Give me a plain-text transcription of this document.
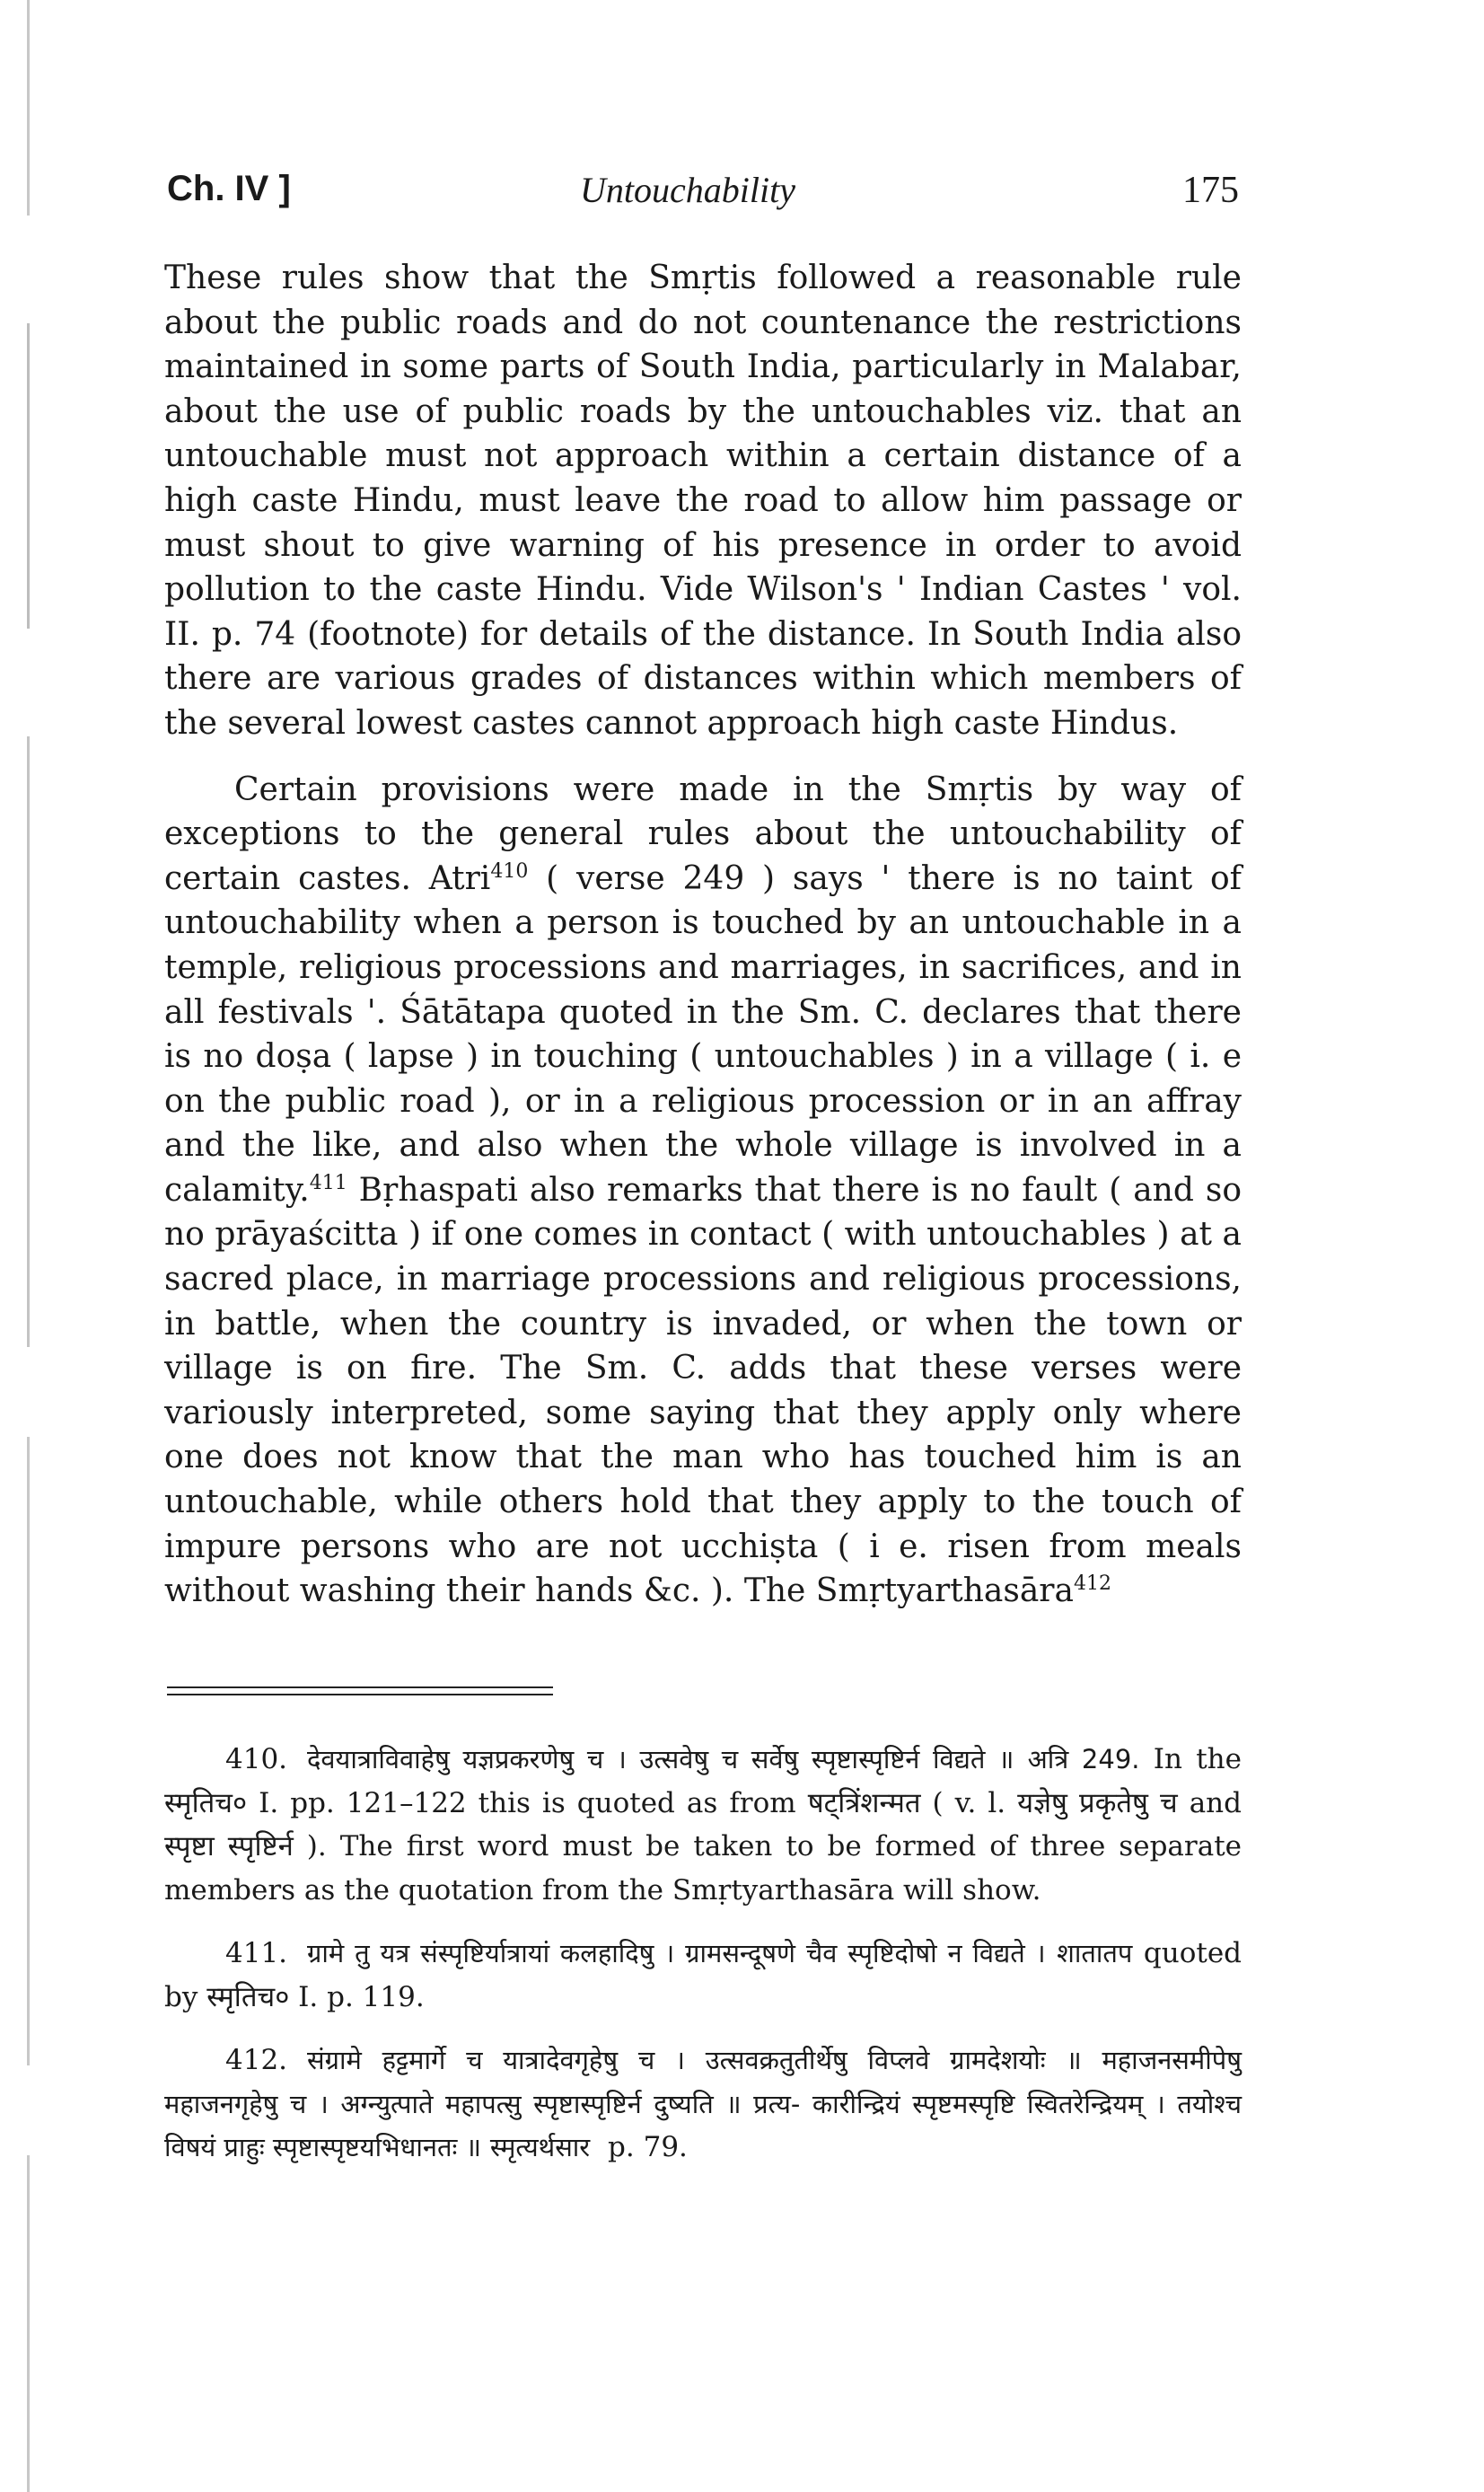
Ch. IV ]	Untouchability	175

These rules show that the Smṛtis followed a reasonable rule about the public roads and do not countenance the restrictions maintained in some parts of South India, particularly in Malabar, about the use of public roads by the untouchables viz. that an untouchable must not approach within a certain distance of a high caste Hindu, must leave the road to allow him passage or must shout to give warning of his presence in order to avoid pollution to the caste Hindu. Vide Wilson's ' Indian Castes ' vol. II. p. 74 (footnote) for details of the distance. In South India also there are various grades of distances within which members of the several lowest castes cannot approach high caste Hindus.

Certain provisions were made in the Smṛtis by way of exceptions to the general rules about the untouchability of certain castes. Atri$^{410}$ ( verse 249 ) says ' there is no taint of untouchability when a person is touched by an untouchable in a temple, religious processions and marriages, in sacrifices, and in all festivals '. Śātātapa quoted in the Sm. C. declares that there is no doṣa ( lapse ) in touching ( untouchables ) in a village ( i. e on the public road ), or in a religious procession or in an affray and the like, and also when the whole village is involved in a calamity.$^{411}$ Bṛhaspati also remarks that there is no fault ( and so no prāyaścitta ) if one comes in contact ( with untouchables ) at a sacred place, in marriage processions and religious processions, in battle, when the country is invaded, or when the town or village is on fire. The Sm. C. adds that these verses were variously interpreted, some saying that they apply only where one does not know that the man who has touched him is an untouchable, while others hold that they apply to the touch of impure persons who are not ucchiṣta ( i e. risen from meals without washing their hands &c. ). The Smṛtyarthasāra$^{412}$

410. देवयात्राविवाहेषु यज्ञप्रकरणेषु च । उत्सवेषु च सर्वेषु स्पृष्टास्पृष्टिर्न विद्यते ॥ अत्रि 249. In the स्मृतिच० I. pp. 121–122 this is quoted as from षट्त्रिंशन्मत ( v. l. यज्ञेषु प्रकृतेषु च and स्पृष्टा स्पृष्टिर्न ). The first word must be taken to be formed of three separate members as the quotation from the Smṛtyarthasāra will show.

411. ग्रामे तु यत्र संस्पृष्टिर्यात्रायां कलहादिषु । ग्रामसन्दूषणे चैव स्पृष्टिदोषो न विद्यते । शातातप quoted by स्मृतिच० I. p. 119.

412. संग्रामे हट्टमार्गे च यात्रादेवगृहेषु च । उत्सवक्रतुतीर्थेषु विप्लवे ग्रामदेशयोः ॥ महाजनसमीपेषु महाजनगृहेषु च । अग्न्युत्पाते महापत्सु स्पृष्टास्पृष्टिर्न दुष्यति ॥ प्रत्य- कारीन्द्रियं स्पृष्टमस्पृष्टि स्वितरेन्द्रियम् । तयोश्च विषयं प्राहुः स्पृष्टास्पृष्टयभिधानतः ॥ स्मृत्यर्थसार p. 79.
